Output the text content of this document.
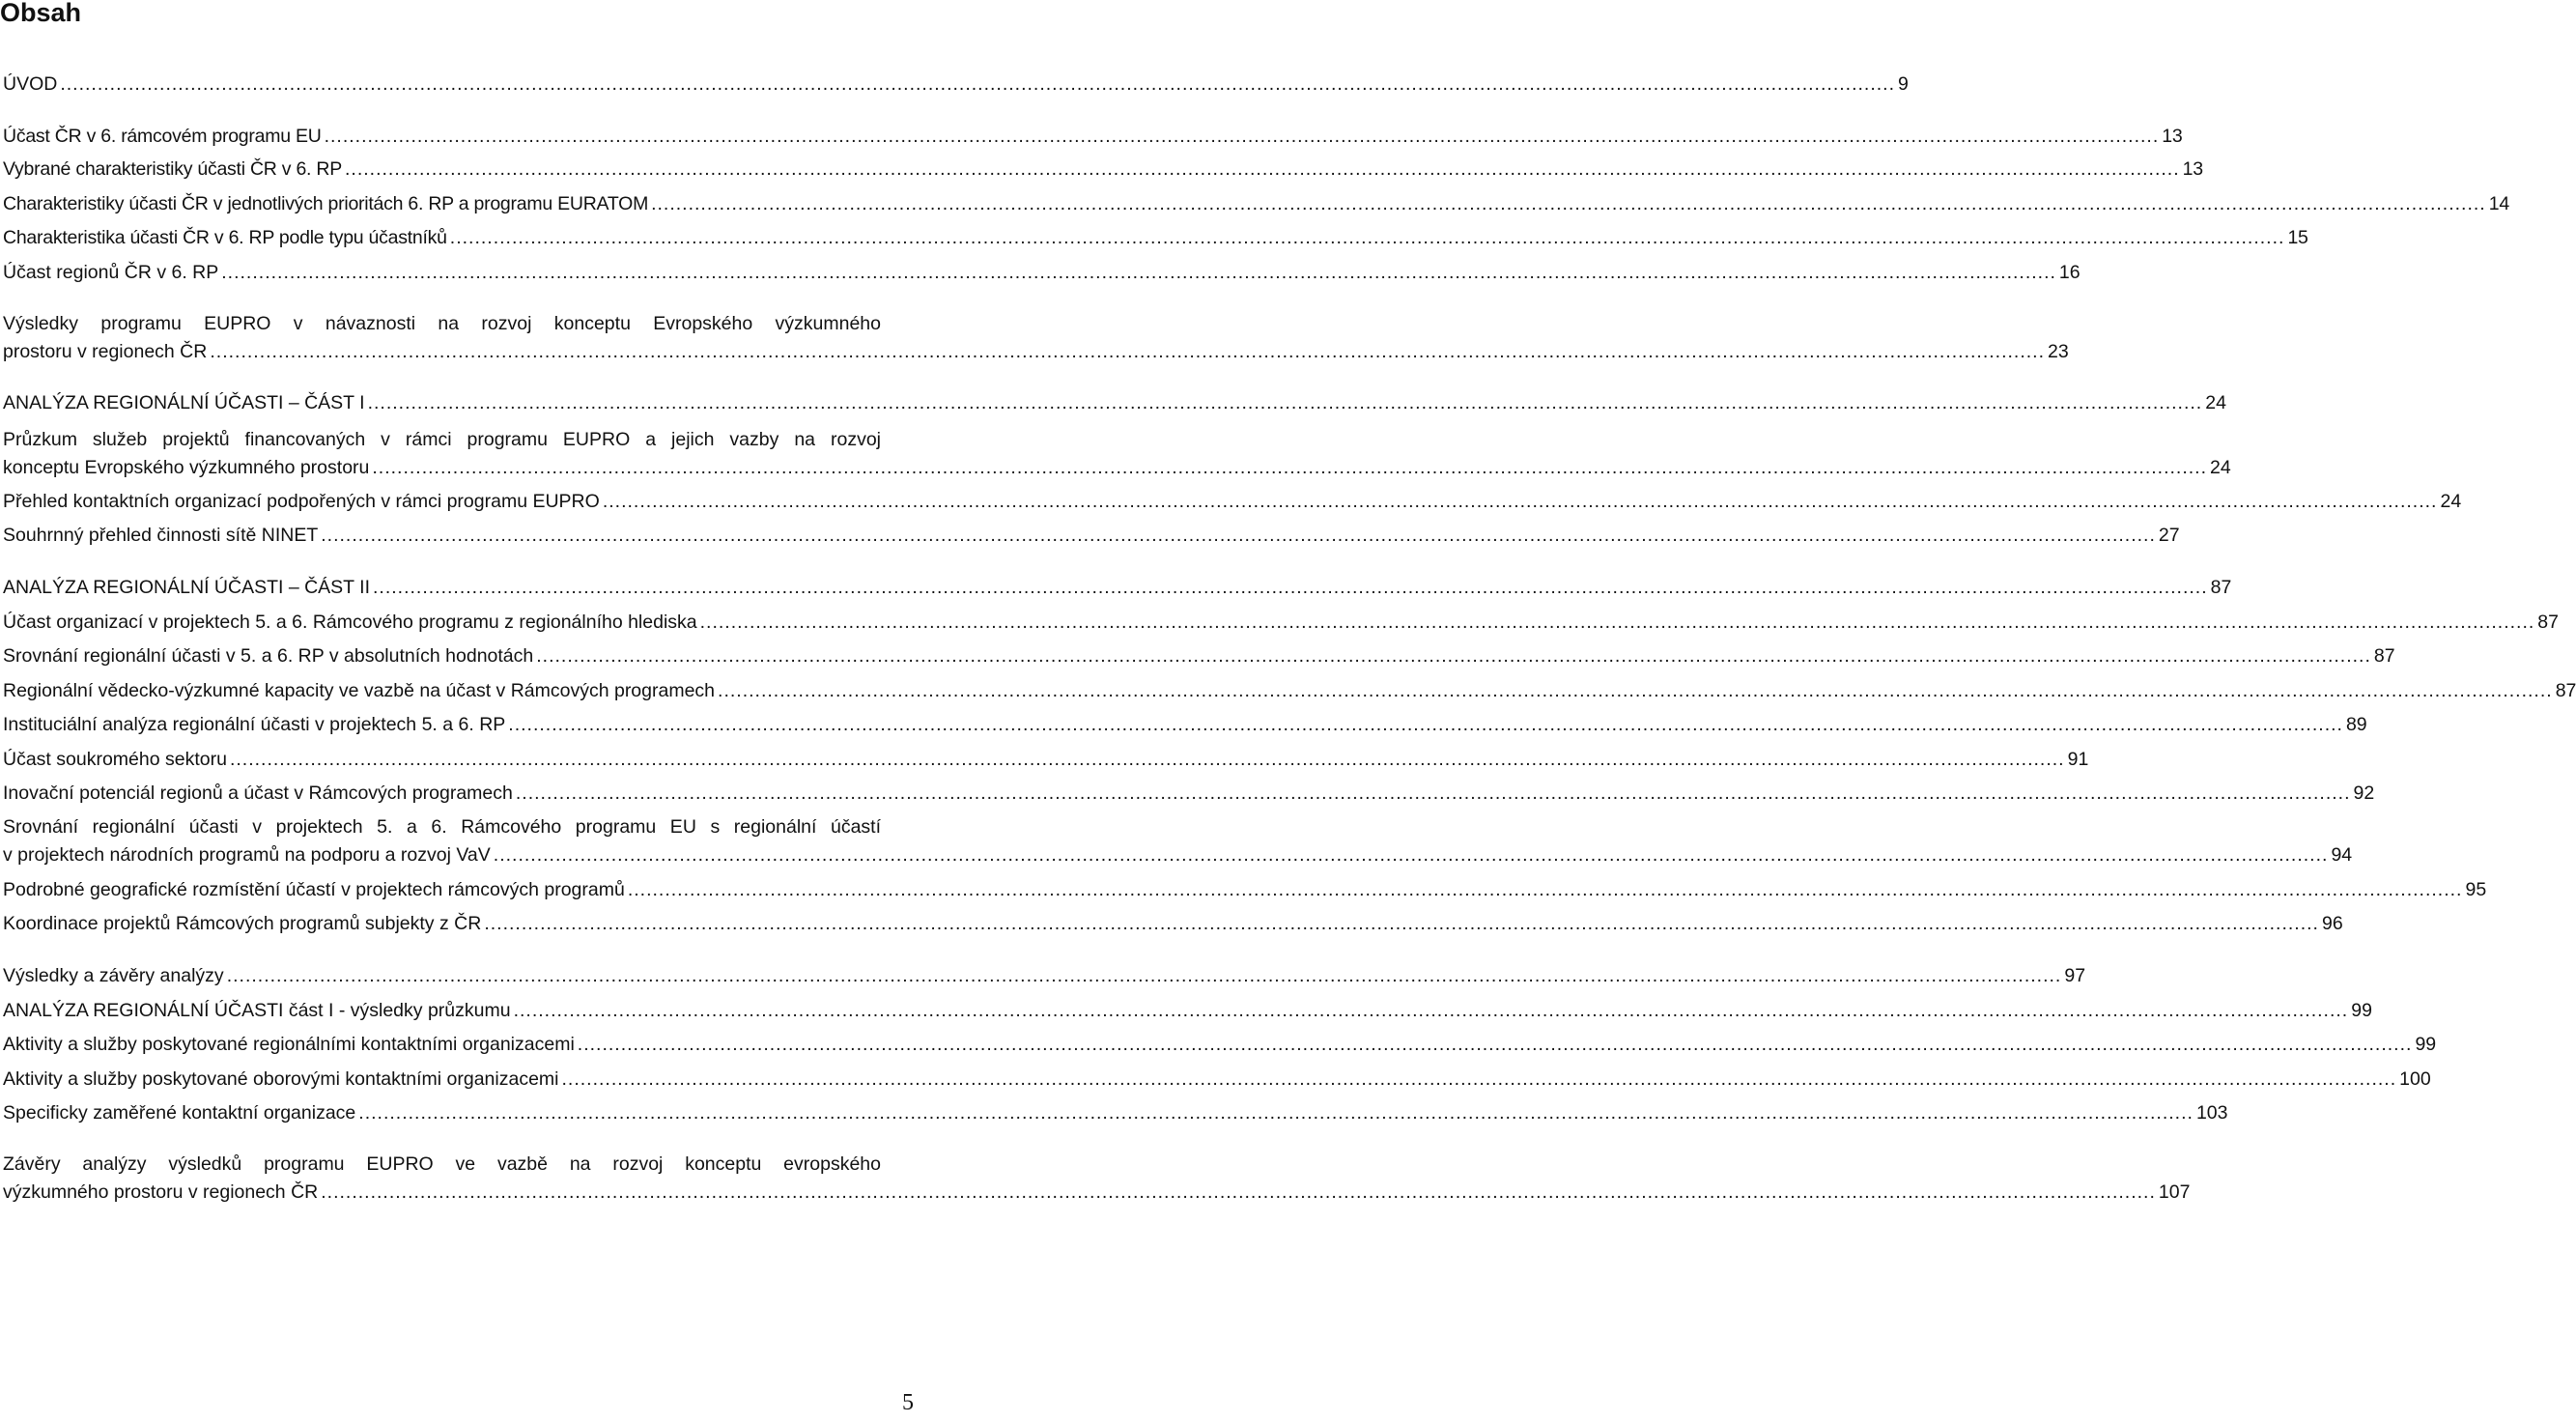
Obsah
ÚVOD ........................................................................................................................................................................................................................................................................................................ 9
Účast ČR v 6. rámcovém programu EU ........................................................................................................................................................................................................................................................................................................ 13
Vybrané charakteristiky účasti ČR v 6. RP ........................................................................................................................................................................................................................................................................................................ 13
Charakteristiky účasti ČR v jednotlivých prioritách 6. RP a programu EURATOM ........................................................................................................................................................................................................................................................................................................ 14
Charakteristika účasti ČR v 6. RP podle typu účastníků ........................................................................................................................................................................................................................................................................................................ 15
Účast regionů ČR v 6. RP ........................................................................................................................................................................................................................................................................................................ 16
Výsledky programu EUPRO v návaznosti na rozvoj konceptu Evropského výzkumného
prostoru v regionech ČR ........................................................................................................................................................................................................................................................................................................ 23
ANALÝZA REGIONÁLNÍ ÚČASTI – ČÁST I ........................................................................................................................................................................................................................................................................................................ 24
Průzkum služeb projektů financovaných v rámci programu EUPRO a jejich vazby na rozvoj
konceptu Evropského výzkumného prostoru ........................................................................................................................................................................................................................................................................................................ 24
Přehled kontaktních organizací podpořených v rámci programu EUPRO ........................................................................................................................................................................................................................................................................................................ 24
Souhrnný přehled činnosti sítě NINET ........................................................................................................................................................................................................................................................................................................ 27
ANALÝZA REGIONÁLNÍ ÚČASTI – ČÁST II ........................................................................................................................................................................................................................................................................................................ 87
Účast organizací v projektech 5. a 6. Rámcového programu z regionálního hlediska ........................................................................................................................................................................................................................................................................................................ 87
Srovnání regionální účasti v 5. a 6. RP v absolutních hodnotách ........................................................................................................................................................................................................................................................................................................ 87
Regionální vědecko-výzkumné kapacity ve vazbě na účast v Rámcových programech ........................................................................................................................................................................................................................................................................................................ 87
Instituciální analýza regionální účasti v projektech 5. a 6. RP ........................................................................................................................................................................................................................................................................................................ 89
Účast soukromého sektoru ........................................................................................................................................................................................................................................................................................................ 91
Inovační potenciál regionů a účast v Rámcových programech ........................................................................................................................................................................................................................................................................................................ 92
Srovnání regionální účasti v projektech 5. a 6. Rámcového programu EU s regionální účastí
v projektech národních programů na podporu a rozvoj VaV ........................................................................................................................................................................................................................................................................................................ 94
Podrobné geografické rozmístění účastí v projektech rámcových programů ........................................................................................................................................................................................................................................................................................................ 95
Koordinace projektů Rámcových programů subjekty z ČR ........................................................................................................................................................................................................................................................................................................ 96
Výsledky a závěry analýzy ........................................................................................................................................................................................................................................................................................................ 97
ANALÝZA REGIONÁLNÍ ÚČASTI část I - výsledky průzkumu ........................................................................................................................................................................................................................................................................................................ 99
Aktivity a služby poskytované regionálními kontaktními organizacemi ........................................................................................................................................................................................................................................................................................................ 99
Aktivity a služby poskytované oborovými kontaktními organizacemi ........................................................................................................................................................................................................................................................................................................ 100
Specificky zaměřené kontaktní organizace ........................................................................................................................................................................................................................................................................................................ 103
Závěry analýzy výsledků programu EUPRO ve vazbě na rozvoj konceptu evropského
výzkumného prostoru v regionech ČR ........................................................................................................................................................................................................................................................................................................ 107
5
